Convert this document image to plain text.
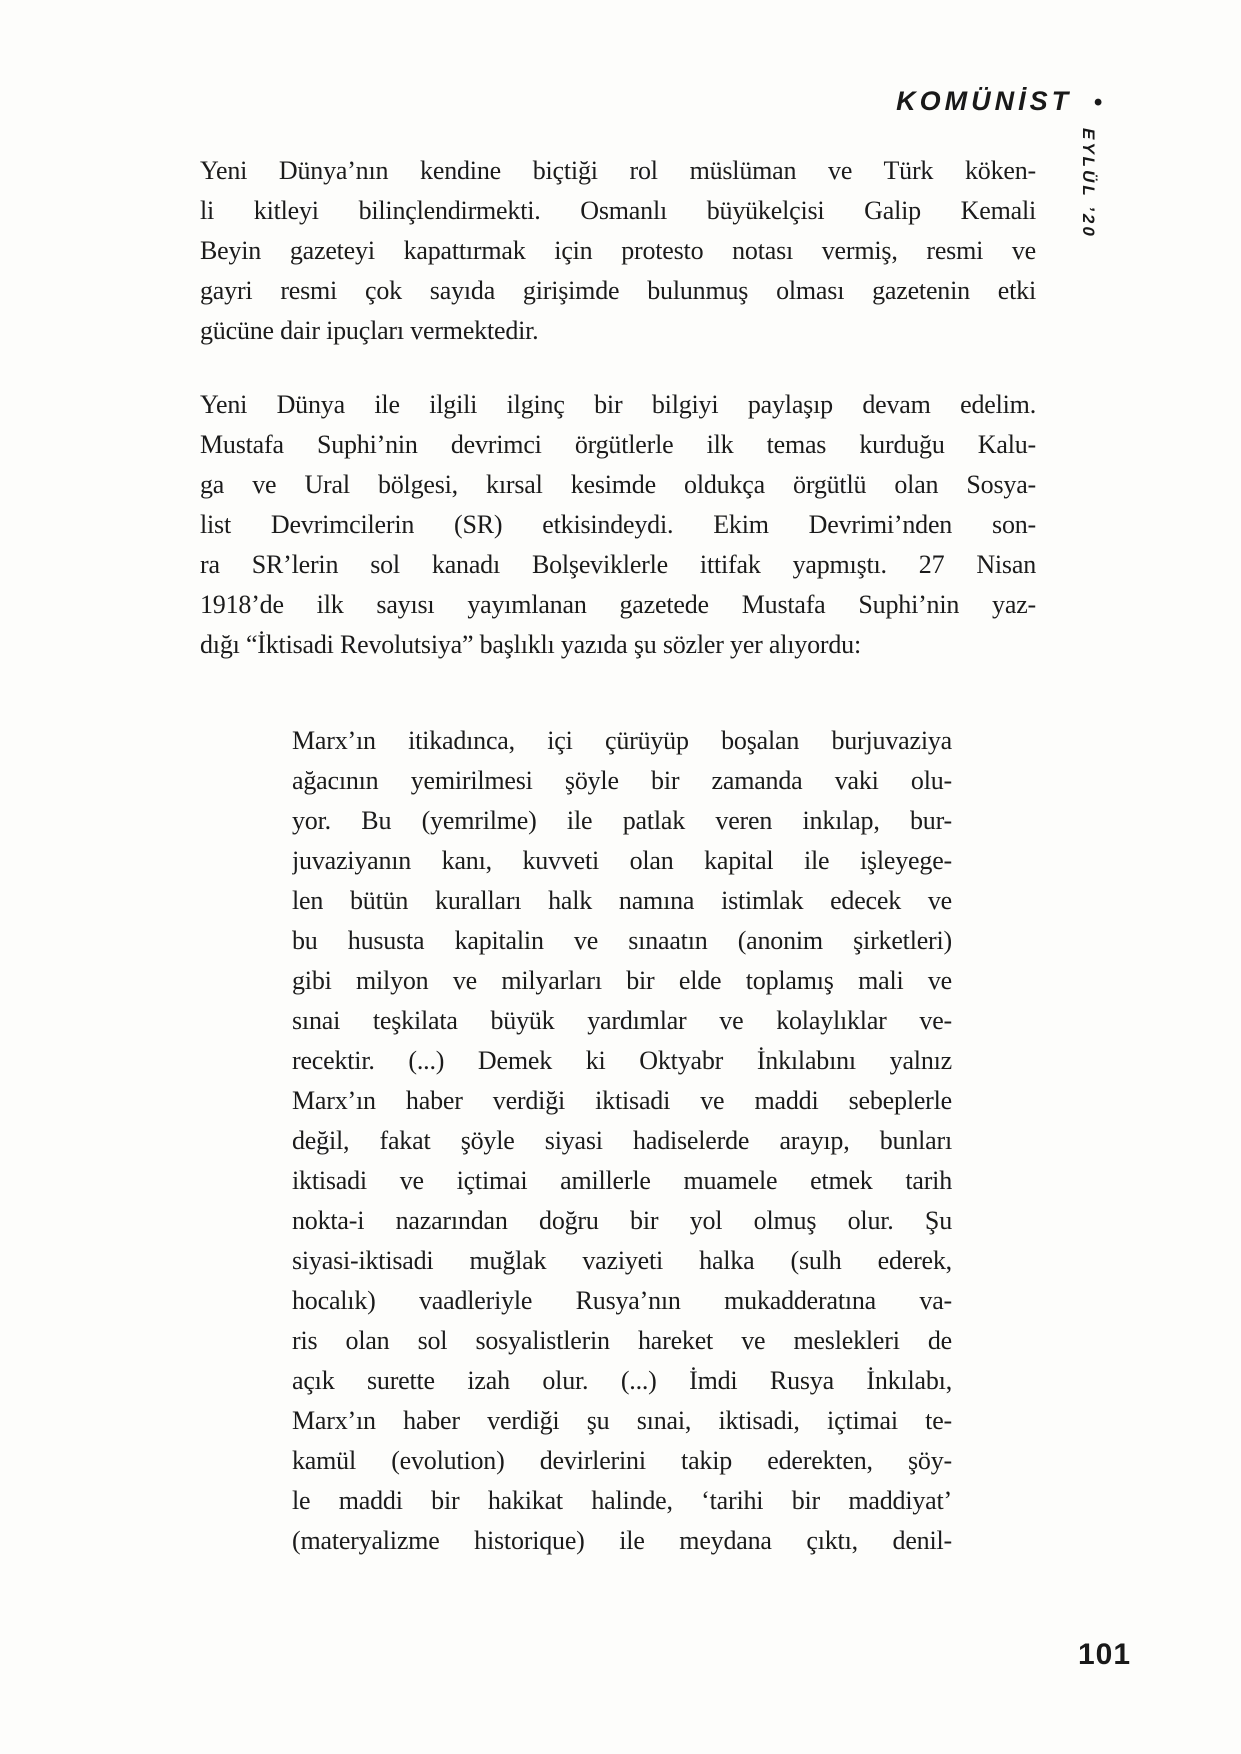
KOMÜNİST •
EYLÜL ’20
Yeni Dünya’nın kendine biçtiği rol müslüman ve Türk köken-
li kitleyi bilinçlendirmekti. Osmanlı büyükelçisi Galip Kemali
Beyin gazeteyi kapattırmak için protesto notası vermiş, resmi ve
gayri resmi çok sayıda girişimde bulunmuş olması gazetenin etki
gücüne dair ipuçları vermektedir.
Yeni Dünya ile ilgili ilginç bir bilgiyi paylaşıp devam edelim.
Mustafa Suphi’nin devrimci örgütlerle ilk temas kurduğu Kalu-
ga ve Ural bölgesi, kırsal kesimde oldukça örgütlü olan Sosya-
list Devrimcilerin (SR) etkisindeydi. Ekim Devrimi’nden son-
ra SR’lerin sol kanadı Bolşeviklerle ittifak yapmıştı. 27 Nisan
1918’de ilk sayısı yayımlanan gazetede Mustafa Suphi’nin yaz-
dığı “İktisadi Revolutsiya” başlıklı yazıda şu sözler yer alıyordu:
Marx’ın itikadınca, içi çürüyüp boşalan burjuvaziya
ağacının yemirilmesi şöyle bir zamanda vaki olu-
yor. Bu (yemrilme) ile patlak veren inkılap, bur-
juvaziyanın kanı, kuvveti olan kapital ile işleyege-
len bütün kuralları halk namına istimlak edecek ve
bu hususta kapitalin ve sınaatın (anonim şirketleri)
gibi milyon ve milyarları bir elde toplamış mali ve
sınai teşkilata büyük yardımlar ve kolaylıklar ve-
recektir. (...) Demek ki Oktyabr İnkılabını yalnız
Marx’ın haber verdiği iktisadi ve maddi sebeplerle
değil, fakat şöyle siyasi hadiselerde arayıp, bunları
iktisadi ve içtimai amillerle muamele etmek tarih
nokta-i nazarından doğru bir yol olmuş olur. Şu
siyasi-iktisadi muğlak vaziyeti halka (sulh ederek,
hocalık) vaadleriyle Rusya’nın mukadderatına va-
ris olan sol sosyalistlerin hareket ve meslekleri de
açık surette izah olur. (...) İmdi Rusya İnkılabı,
Marx’ın haber verdiği şu sınai, iktisadi, içtimai te-
kamül (evolution) devirlerini takip ederekten, şöy-
le maddi bir hakikat halinde, ‘tarihi bir maddiyat’
(materyalizme historique) ile meydana çıktı, denil-
101
